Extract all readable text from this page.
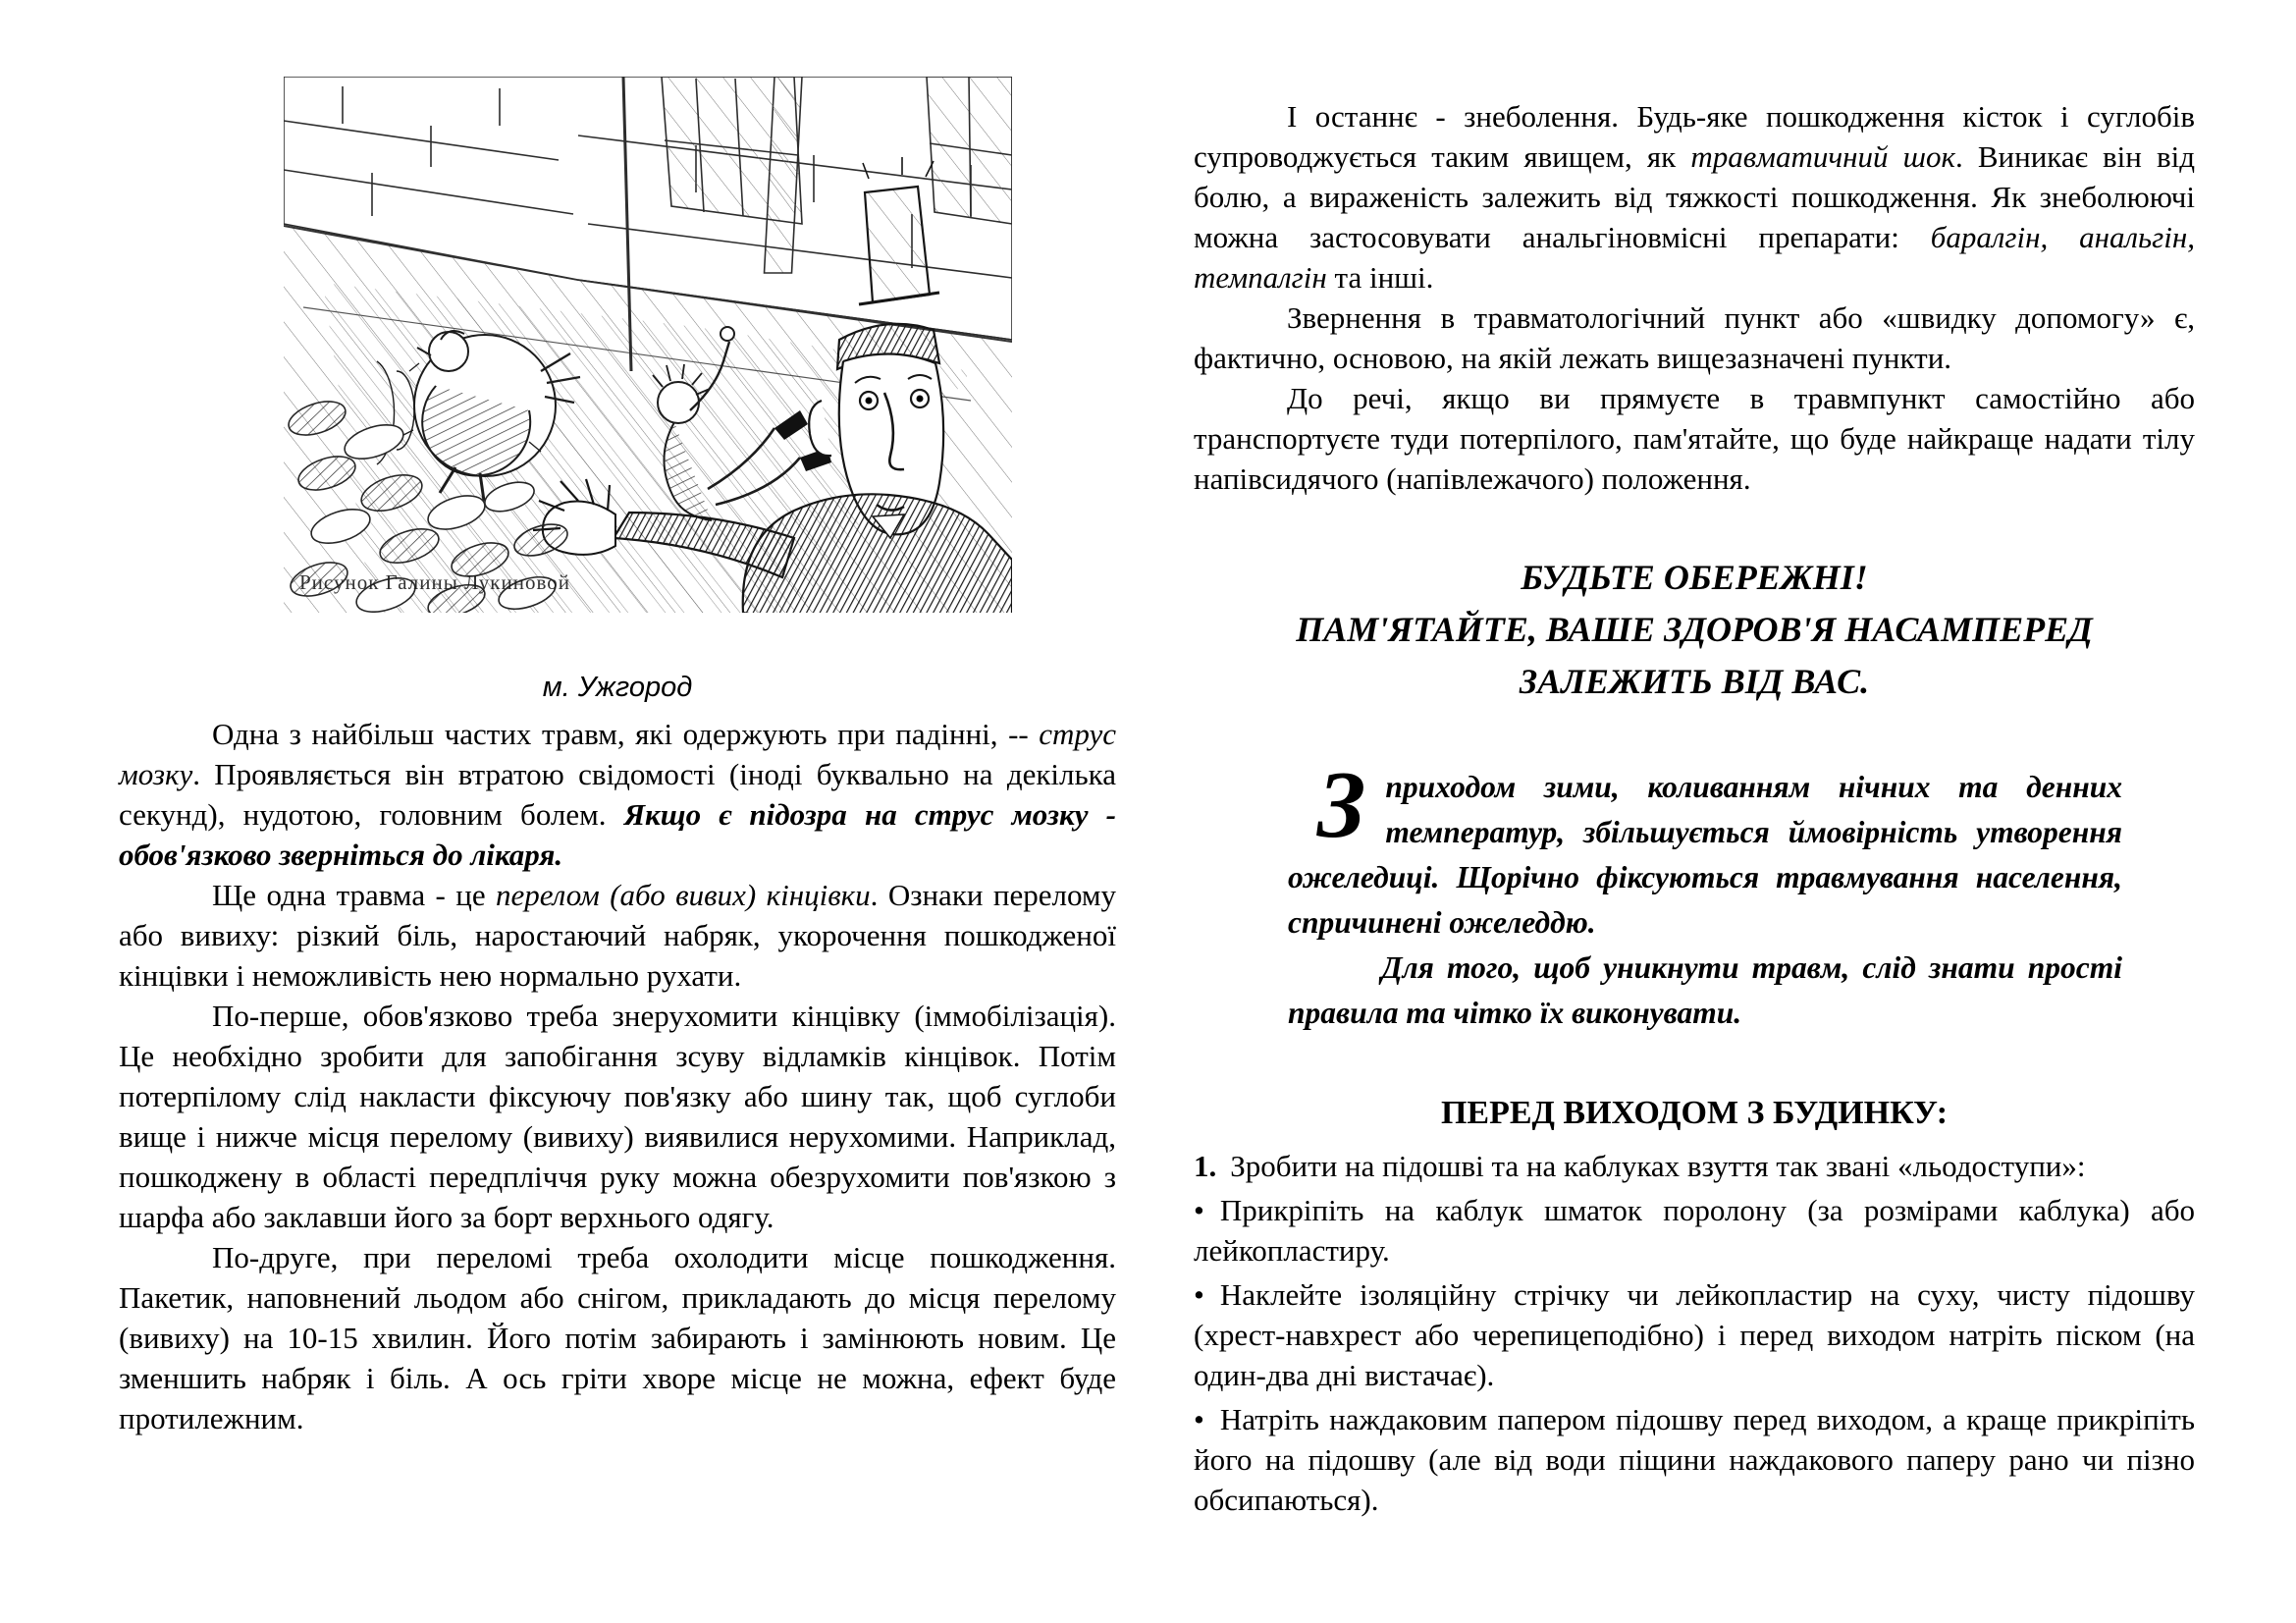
Рисунок Галины Лукиновой
м. Ужгород

Одна з найбільш частих травм, які одержують при падінні, -- струс мозку. Проявляється він втратою свідомості (іноді буквально на декілька секунд), нудотою, головним болем. Якщо є підозра на струс мозку - обов'язково зверніться до лікаря.

Ще одна травма - це перелом (або вивих) кінцівки. Ознаки перелому або вивиху: різкий біль, наростаючий набряк, укорочення пошкодженої кінцівки і неможливість нею нормально рухати.

По-перше, обов'язково треба знерухомити кінцівку (іммобілізація). Це необхідно зробити для запобігання зсуву відламків кінцівок. Потім потерпілому слід накласти фіксуючу пов'язку або шину так, щоб суглоби вище і нижче місця перелому (вивиху) виявилися нерухомими. Наприклад, пошкоджену в області передпліччя руку можна обезрухомити пов'язкою з шарфа або заклавши його за борт верхнього одягу.

По-друге, при переломі треба охолодити місце пошкодження. Пакетик, наповнений льодом або снігом, прикладають до місця перелому (вивиху) на 10-15 хвилин. Його потім забирають і замінюють новим. Це зменшить набряк і біль. А ось гріти хворе місце не можна, ефект буде протилежним.

І останнє - знеболення. Будь-яке пошкодження кісток і суглобів супроводжується таким явищем, як травматичний шок. Виникає він від болю, а вираженість залежить від тяжкості пошкодження. Як знеболюючі можна застосовувати анальгіновмісні препарати: баралгін, анальгін, темпалгін та інші.

Звернення в травматологічний пункт або «швидку допомогу» є, фактично, основою, на якій лежать вищезазначені пункти.

До речі, якщо ви прямуєте в травмпункт самостійно або транспортуєте туди потерпілого, пам'ятайте, що буде найкраще надати тілу напівсидячого (напівлежачого) положення.

БУДЬТЕ ОБЕРЕЖНІ!
ПАМ'ЯТАЙТЕ, ВАШЕ ЗДОРОВ'Я НАСАМПЕРЕД
ЗАЛЕЖИТЬ ВІД ВАС.

Зприходом зими, коливанням нічних та денних температур, збільшується ймовірність утворення ожеледиці. Щорічно фіксуються травмування населення, спричинені ожеледдю.

Для того, щоб уникнути травм, слід знати прості правила та чітко їх виконувати.

ПЕРЕД ВИХОДОМ З БУДИНКУ:

1. Зробити на підошві та на каблуках взуття так звані «льодоступи»:

• Прикріпіть на каблук шматок поролону (за розмірами каблука) або лейкопластиру.

• Наклейте ізоляційну стрічку чи лейкопластир на суху, чисту підошву (хрест-навхрест або черепицеподібно) і перед виходом натріть піском (на один-два дні вистачає).

• Натріть наждаковим папером підошву перед виходом, а краще прикріпіть його на підошву (але від води піщини наждакового паперу рано чи пізно обсипаються).
